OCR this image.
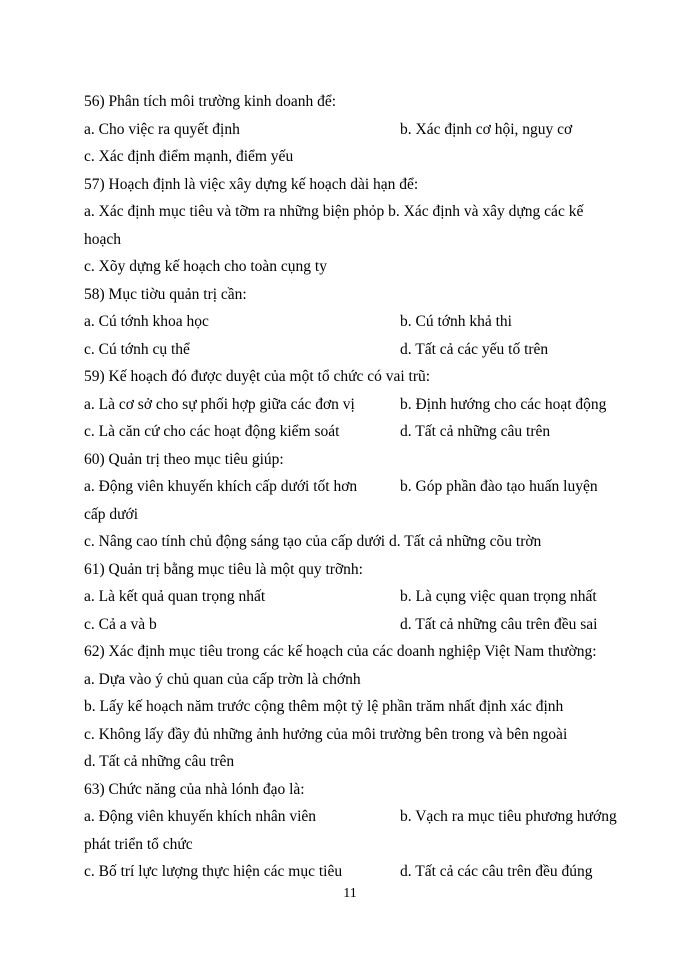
56) Phân tích môi trường kinh doanh để:
a. Cho việc ra quyết định	b. Xác định cơ hội, nguy cơ
c. Xác định điểm mạnh, điểm yếu
57) Hoạch định là việc xây dựng kế hoạch dài hạn để:
a. Xác định mục tiêu và tỡm ra những biện phỏp b. Xác định và xây dựng các kế
hoạch
c. Xõy dựng kế hoạch cho toàn cụng ty
58) Mục tiờu quản trị cần:
a. Cú tớnh khoa học	b. Cú tớnh khả thi
c. Cú tớnh cụ thể	d. Tất cả các yếu tố trên
59) Kế hoạch đó được duyệt của một tổ chức có vai trũ:
a. Là cơ sở cho sự phối hợp giữa các đơn vị	b. Định hướng cho các hoạt động
c. Là căn cứ cho các hoạt động kiểm soát	d. Tất cả những câu trên
60) Quản trị theo mục tiêu giúp:
a. Động viên khuyến khích cấp dưới tốt hơn	b. Góp phần đào tạo huấn luyện
cấp dưới
c. Nâng cao tính chủ động sáng tạo của cấp dưới d. Tất cả những cõu trờn
61) Quản trị bằng mục tiêu là một quy trỡnh:
a. Là kết quả quan trọng nhất	b. Là cụng việc quan trọng nhất
c. Cả a và b	d. Tất cả những câu trên đều sai
62) Xác định mục tiêu trong các kế hoạch của các doanh nghiệp Việt Nam thường:
a. Dựa vào ý chủ quan của cấp trờn là chớnh
b. Lấy kế hoạch năm trước cộng thêm một tỷ lệ phần trăm nhất định xác định
c. Không lấy đầy đủ những ảnh hưởng của môi trường bên trong và bên ngoài
d. Tất cả những câu trên
63) Chức năng của nhà lónh đạo là:
a. Động viên khuyến khích nhân viên	b. Vạch ra mục tiêu phương hướng
phát triển tổ chức
c. Bố trí lực lượng thực hiện các mục tiêu	d. Tất cả các câu trên đều đúng
11
